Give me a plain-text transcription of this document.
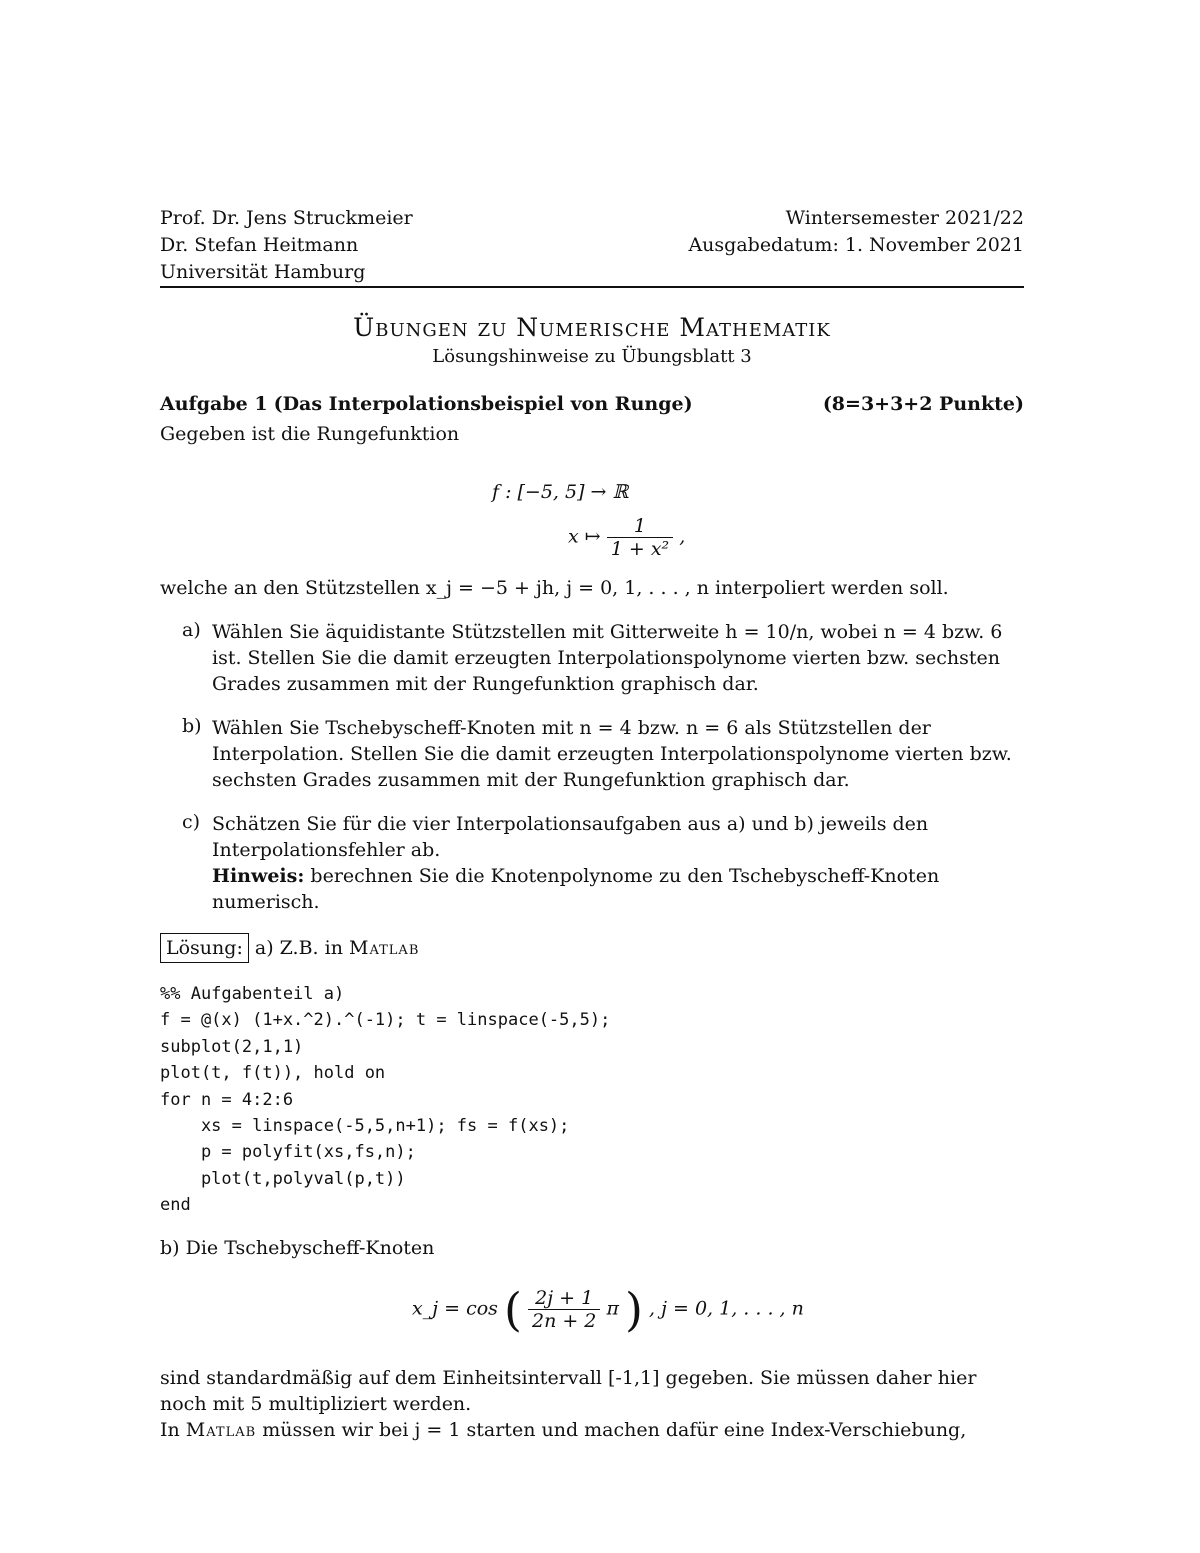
Prof. Dr. Jens Struckmeier
Dr. Stefan Heitmann
Universität Hamburg
Wintersemester 2021/22
Ausgabedatum: 1. November 2021
Übungen zu Numerische Mathematik
Lösungshinweise zu Übungsblatt 3
Aufgabe 1 (Das Interpolationsbeispiel von Runge)	(8=3+3+2 Punkte)

Gegeben ist die Rungefunktion

f : [−5, 5] → ℝ
x ↦ $\frac{1}{\text{1 + x²}}$ ,

welche an den Stützstellen x_j = −5 + jh, j = 0, 1, . . . , n interpoliert werden soll.

a) Wählen Sie äquidistante Stützstellen mit Gitterweite h = 10/n, wobei n = 4 bzw. 6 ist. Stellen Sie die damit erzeugten Interpolationspolynome vierten bzw. sechsten Grades zusammen mit der Rungefunktion graphisch dar.

b) Wählen Sie Tschebyscheff-Knoten mit n = 4 bzw. n = 6 als Stützstellen der Interpolation. Stellen Sie die damit erzeugten Interpolationspolynome vierten bzw. sechsten Grades zusammen mit der Rungefunktion graphisch dar.

c) Schätzen Sie für die vier Interpolationsaufgaben aus a) und b) jeweils den Interpolationsfehler ab.

Hinweis: berechnen Sie die Knotenpolynome zu den Tschebyscheff-Knoten numerisch.

Lösung: a) Z.B. in Matlab
%% Aufgabenteil a)
f = @(x) (1+x.^2).^(-1); t = linspace(-5,5);
subplot(2,1,1)
plot(t, f(t)), hold on
for n = 4:2:6
xs = linspace(-5,5,n+1); fs = f(xs);
p = polyfit(xs,fs,n);
plot(t,polyval(p,t))
end

b) Die Tschebyscheff-Knoten

x_j = cos ( $\frac{2j + 1}{2n + 2}$ π ) , j = 0, 1, . . . , n

sind standardmäßig auf dem Einheitsintervall [-1,1] gegeben. Sie müssen daher hier noch mit 5 multipliziert werden.

In Matlab müssen wir bei j = 1 starten und machen dafür eine Index-Verschiebung,
